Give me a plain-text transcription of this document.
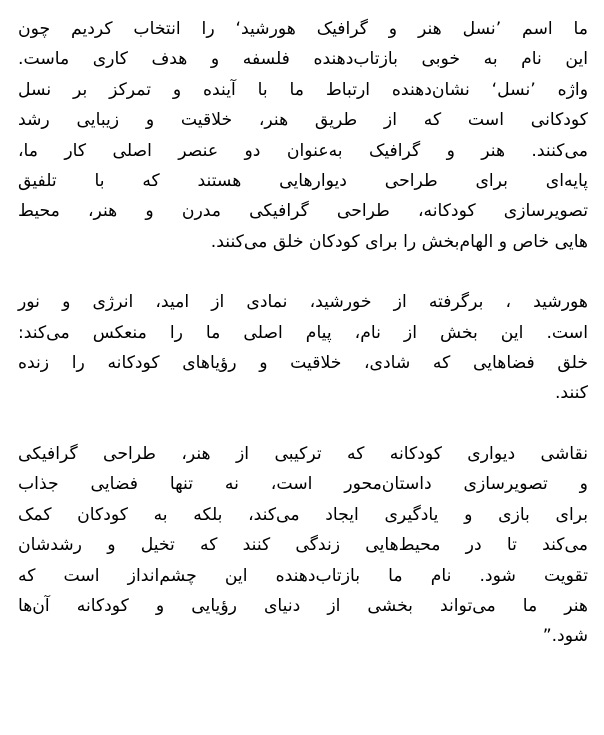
ما اسم ’نسل هنر و گرافیک هورشید‘ را انتخاب کردیم چون
این نام به خوبی بازتاب‌دهنده فلسفه و هدف کاری ماست.
واژه ’نسل‘ نشان‌دهنده ارتباط ما با آینده و تمرکز بر نسل
کودکانی است که از طریق هنر، خلاقیت و زیبایی رشد
می‌کنند. هنر و گرافیک به‌عنوان دو عنصر اصلی کار ما،
پایه‌ای برای طراحی دیوارهایی هستند که با تلفیق
تصویرسازی کودکانه، طراحی گرافیکی مدرن و هنر، محیط
هایی خاص و الهام‌بخش را برای کودکان خلق می‌کنند.

هورشید ، برگرفته از خورشید، نمادی از امید، انرژی و نور
است. این بخش از نام، پیام اصلی ما را منعکس می‌کند:
خلق فضاهایی که شادی، خلاقیت و رؤیاهای کودکانه را زنده
کنند.

نقاشی دیواری کودکانه که ترکیبی از هنر، طراحی گرافیکی
و تصویرسازی داستان‌محور است، نه تنها فضایی جذاب
برای بازی و یادگیری ایجاد می‌کند، بلکه به کودکان کمک
می‌کند تا در محیط‌هایی زندگی کنند که تخیل و رشدشان
تقویت شود. نام ما بازتاب‌دهنده این چشم‌انداز است که
هنر ما می‌تواند بخشی از دنیای رؤیایی و کودکانه آن‌ها
شود.”
